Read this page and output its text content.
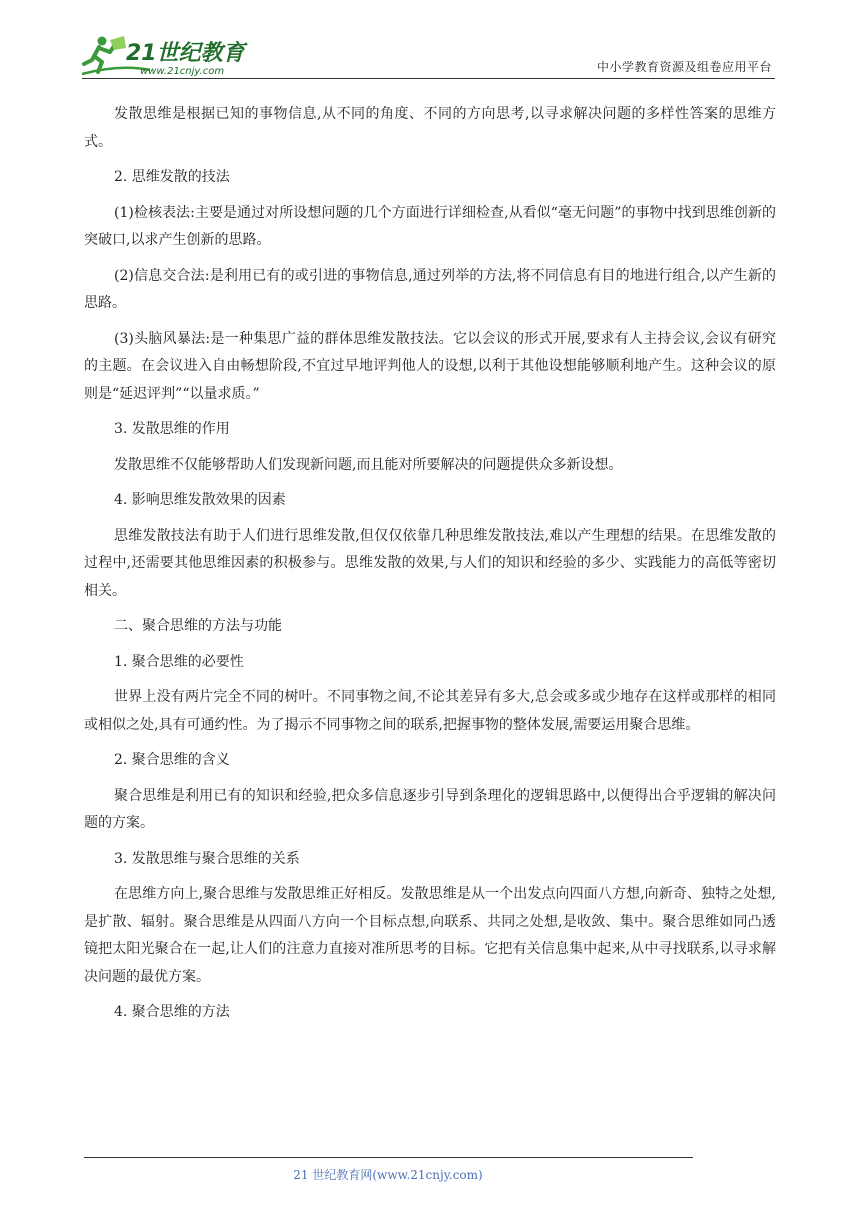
21世纪教育
www.21cnjy.com	中小学教育资源及组卷应用平台

发散思维是根据已知的事物信息,从不同的角度、不同的方向思考,以寻求解决问题的多样性答案的思维方式。

2. 思维发散的技法

(1)检核表法:主要是通过对所设想问题的几个方面进行详细检查,从看似“毫无问题”的事物中找到思维创新的突破口,以求产生创新的思路。

(2)信息交合法:是利用已有的或引进的事物信息,通过列举的方法,将不同信息有目的地进行组合,以产生新的思路。

(3)头脑风暴法:是一种集思广益的群体思维发散技法。它以会议的形式开展,要求有人主持会议,会议有研究的主题。在会议进入自由畅想阶段,不宜过早地评判他人的设想,以利于其他设想能够顺利地产生。这种会议的原则是“延迟评判”“以量求质。”

3. 发散思维的作用

发散思维不仅能够帮助人们发现新问题,而且能对所要解决的问题提供众多新设想。

4. 影响思维发散效果的因素

思维发散技法有助于人们进行思维发散,但仅仅依靠几种思维发散技法,难以产生理想的结果。在思维发散的过程中,还需要其他思维因素的积极参与。思维发散的效果,与人们的知识和经验的多少、实践能力的高低等密切相关。

二、聚合思维的方法与功能

1. 聚合思维的必要性

世界上没有两片完全不同的树叶。不同事物之间,不论其差异有多大,总会或多或少地存在这样或那样的相同或相似之处,具有可通约性。为了揭示不同事物之间的联系,把握事物的整体发展,需要运用聚合思维。

2. 聚合思维的含义

聚合思维是利用已有的知识和经验,把众多信息逐步引导到条理化的逻辑思路中,以便得出合乎逻辑的解决问题的方案。

3. 发散思维与聚合思维的关系

在思维方向上,聚合思维与发散思维正好相反。发散思维是从一个出发点向四面八方想,向新奇、独特之处想,是扩散、辐射。聚合思维是从四面八方向一个目标点想,向联系、共同之处想,是收敛、集中。聚合思维如同凸透镜把太阳光聚合在一起,让人们的注意力直接对准所思考的目标。它把有关信息集中起来,从中寻找联系,以寻求解决问题的最优方案。

4. 聚合思维的方法

21 世纪教育网(www.21cnjy.com)
